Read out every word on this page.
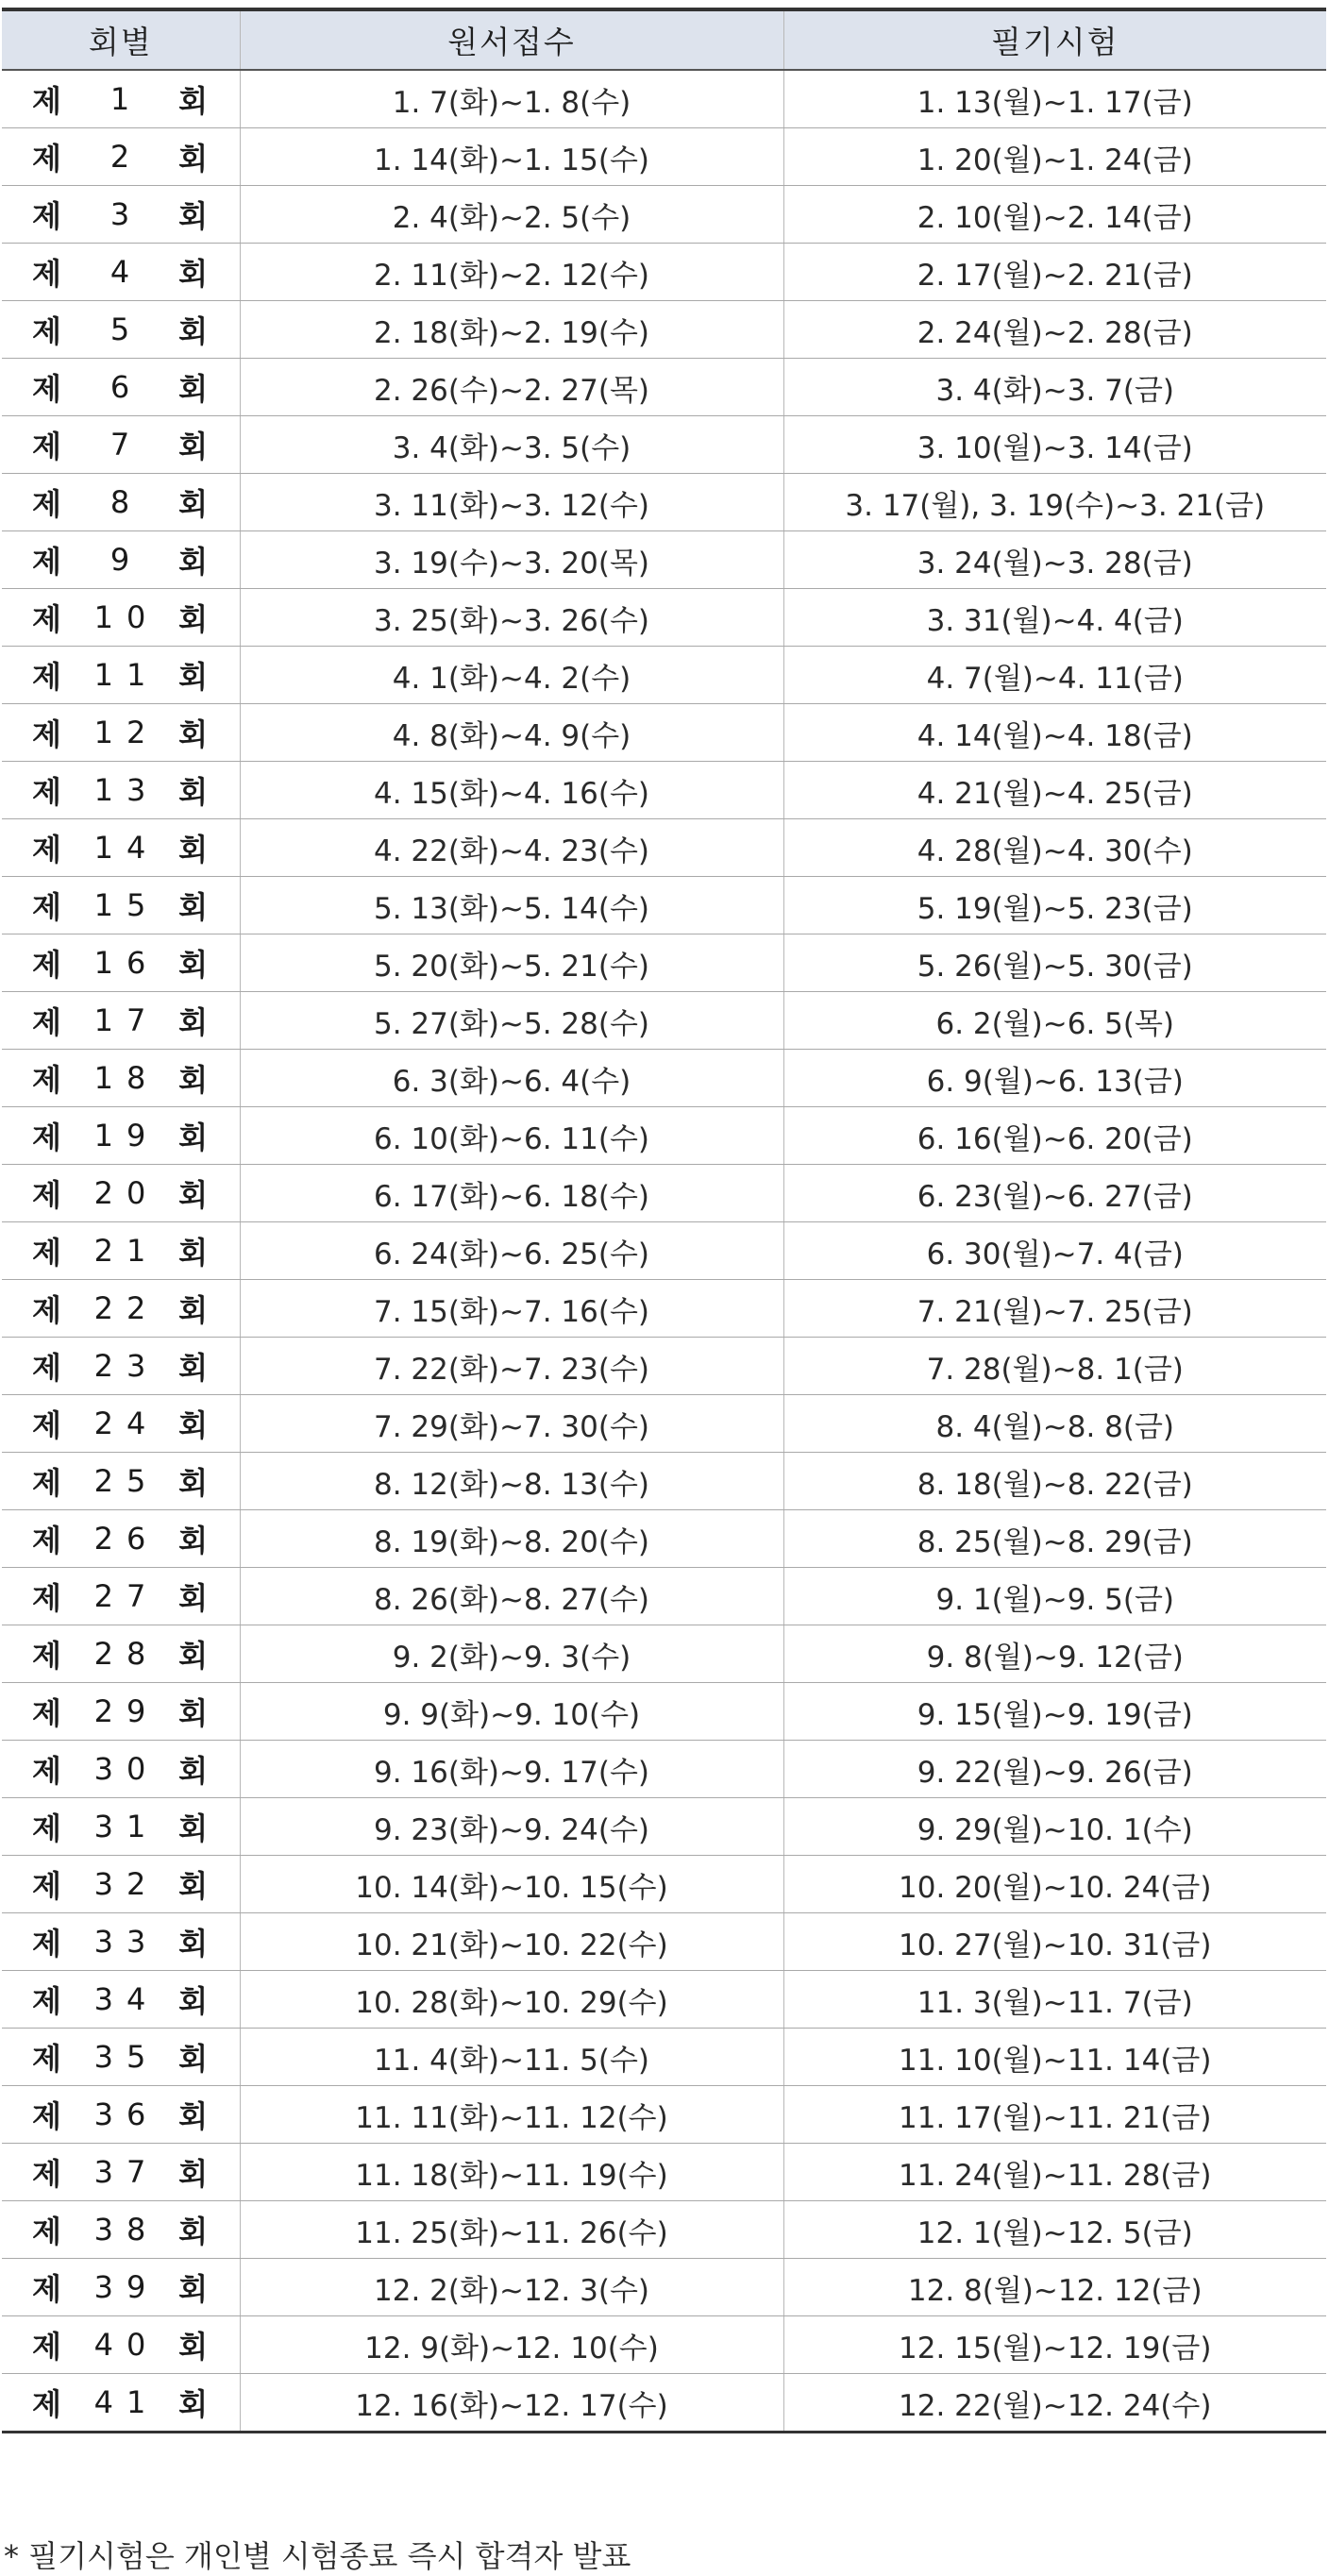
회별	원서접수	필기시험

제 1 회	1. 7(화)~1. 8(수)	1. 13(월)~1. 17(금)

제 2 회	1. 14(화)~1. 15(수)	1. 20(월)~1. 24(금)

제 3 회	2. 4(화)~2. 5(수)	2. 10(월)~2. 14(금)

제 4 회	2. 11(화)~2. 12(수)	2. 17(월)~2. 21(금)

제 5 회	2. 18(화)~2. 19(수)	2. 24(월)~2. 28(금)

제 6 회	2. 26(수)~2. 27(목)	3. 4(화)~3. 7(금)

제 7 회	3. 4(화)~3. 5(수)	3. 10(월)~3. 14(금)

제 8 회	3. 11(화)~3. 12(수)	3. 17(월), 3. 19(수)~3. 21(금)

제 9 회	3. 19(수)~3. 20(목)	3. 24(월)~3. 28(금)

제 10 회	3. 25(화)~3. 26(수)	3. 31(월)~4. 4(금)

제 11 회	4. 1(화)~4. 2(수)	4. 7(월)~4. 11(금)

제 12 회	4. 8(화)~4. 9(수)	4. 14(월)~4. 18(금)

제 13 회	4. 15(화)~4. 16(수)	4. 21(월)~4. 25(금)

제 14 회	4. 22(화)~4. 23(수)	4. 28(월)~4. 30(수)

제 15 회	5. 13(화)~5. 14(수)	5. 19(월)~5. 23(금)

제 16 회	5. 20(화)~5. 21(수)	5. 26(월)~5. 30(금)

제 17 회	5. 27(화)~5. 28(수)	6. 2(월)~6. 5(목)

제 18 회	6. 3(화)~6. 4(수)	6. 9(월)~6. 13(금)

제 19 회	6. 10(화)~6. 11(수)	6. 16(월)~6. 20(금)

제 20 회	6. 17(화)~6. 18(수)	6. 23(월)~6. 27(금)

제 21 회	6. 24(화)~6. 25(수)	6. 30(월)~7. 4(금)

제 22 회	7. 15(화)~7. 16(수)	7. 21(월)~7. 25(금)

제 23 회	7. 22(화)~7. 23(수)	7. 28(월)~8. 1(금)

제 24 회	7. 29(화)~7. 30(수)	8. 4(월)~8. 8(금)

제 25 회	8. 12(화)~8. 13(수)	8. 18(월)~8. 22(금)

제 26 회	8. 19(화)~8. 20(수)	8. 25(월)~8. 29(금)

제 27 회	8. 26(화)~8. 27(수)	9. 1(월)~9. 5(금)

제 28 회	9. 2(화)~9. 3(수)	9. 8(월)~9. 12(금)

제 29 회	9. 9(화)~9. 10(수)	9. 15(월)~9. 19(금)

제 30 회	9. 16(화)~9. 17(수)	9. 22(월)~9. 26(금)

제 31 회	9. 23(화)~9. 24(수)	9. 29(월)~10. 1(수)

제 32 회	10. 14(화)~10. 15(수)	10. 20(월)~10. 24(금)

제 33 회	10. 21(화)~10. 22(수)	10. 27(월)~10. 31(금)

제 34 회	10. 28(화)~10. 29(수)	11. 3(월)~11. 7(금)

제 35 회	11. 4(화)~11. 5(수)	11. 10(월)~11. 14(금)

제 36 회	11. 11(화)~11. 12(수)	11. 17(월)~11. 21(금)

제 37 회	11. 18(화)~11. 19(수)	11. 24(월)~11. 28(금)

제 38 회	11. 25(화)~11. 26(수)	12. 1(월)~12. 5(금)

제 39 회	12. 2(화)~12. 3(수)	12. 8(월)~12. 12(금)

제 40 회	12. 9(화)~12. 10(수)	12. 15(월)~12. 19(금)

제 41 회	12. 16(화)~12. 17(수)	12. 22(월)~12. 24(수)
* 필기시험은 개인별 시험종료 즉시 합격자 발표
